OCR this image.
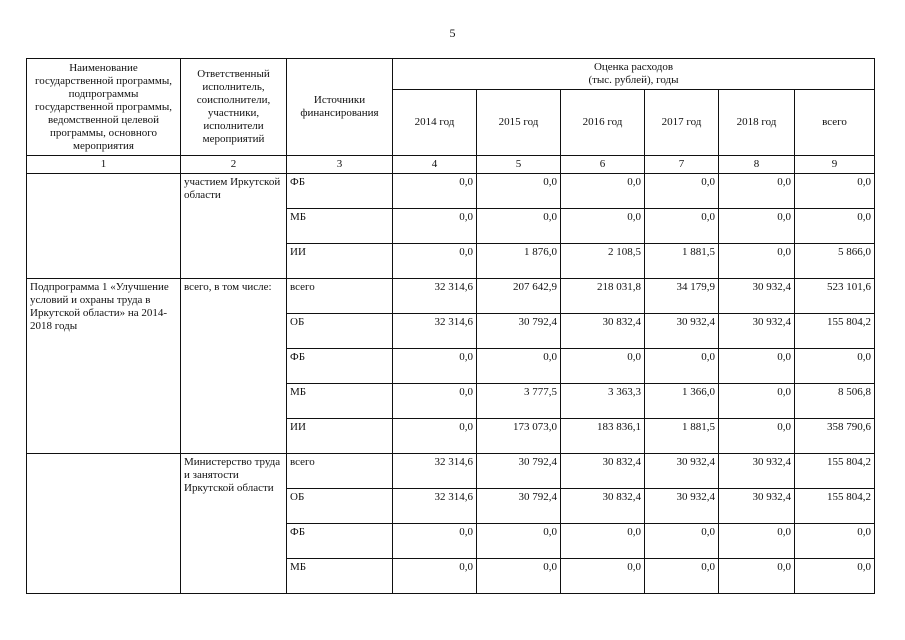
5
Наименование государственной программы, подпрограммы государственной программы, ведомственной целевой программы, основного мероприятия	Ответственный исполнитель, соисполнители, участники, исполнители мероприятий	Источники финансирования	Оценка расходов
(тыс. рублей), годы					

			2014 год	2015 год	2016 год	2017 год	2018 год	всего
1	2	3	4	5	6	7	8	9
	участием Иркутской области	ФБ	0,0	0,0	0,0	0,0	0,0	0,0
		МБ	0,0	0,0	0,0	0,0	0,0	0,0
		ИИ	0,0	1 876,0	2 108,5	1 881,5	0,0	5 866,0
Подпрограмма 1 «Улучшение условий и охраны труда в Иркутской области» на 2014-2018 годы	всего, в том числе:	всего	32 314,6	207 642,9	218 031,8	34 179,9	30 932,4	523 101,6
		ОБ	32 314,6	30 792,4	30 832,4	30 932,4	30 932,4	155 804,2
		ФБ	0,0	0,0	0,0	0,0	0,0	0,0
		МБ	0,0	3 777,5	3 363,3	1 366,0	0,0	8 506,8
		ИИ	0,0	173 073,0	183 836,1	1 881,5	0,0	358 790,6
	Министерство труда и занятости Иркутской области	всего	32 314,6	30 792,4	30 832,4	30 932,4	30 932,4	155 804,2
		ОБ	32 314,6	30 792,4	30 832,4	30 932,4	30 932,4	155 804,2
		ФБ	0,0	0,0	0,0	0,0	0,0	0,0
		МБ	0,0	0,0	0,0	0,0	0,0	0,0
